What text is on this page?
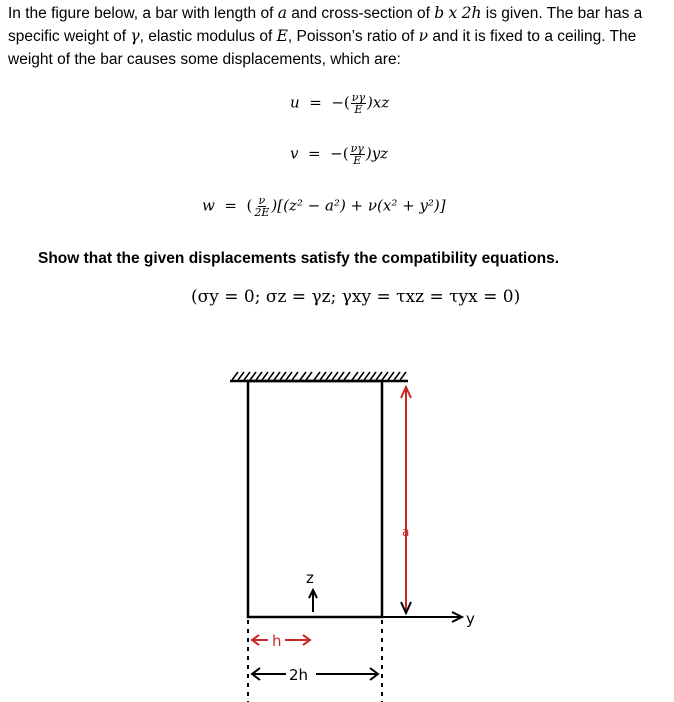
In the figure below, a bar with length of a and cross-section of b x 2h is given. The bar has a specific weight of γ, elastic modulus of E, Poisson’s ratio of ν and it is fixed to a ceiling. The weight of the bar causes some displacements, which are:
u = −( $\frac{\nu\gamma}{E} )xz$
v = −( $\frac{\nu\gamma}{E} )yz$
w = ( $\frac{\nu}{2E} )[(z^2 - a^2) + \nu(x^2 + y^2)]$
Show that the given displacements satisfy the compatibility equations.
(σy = 0; σz = γz; γxy = τxz = τyx = 0)
y
a
z
h
2h
